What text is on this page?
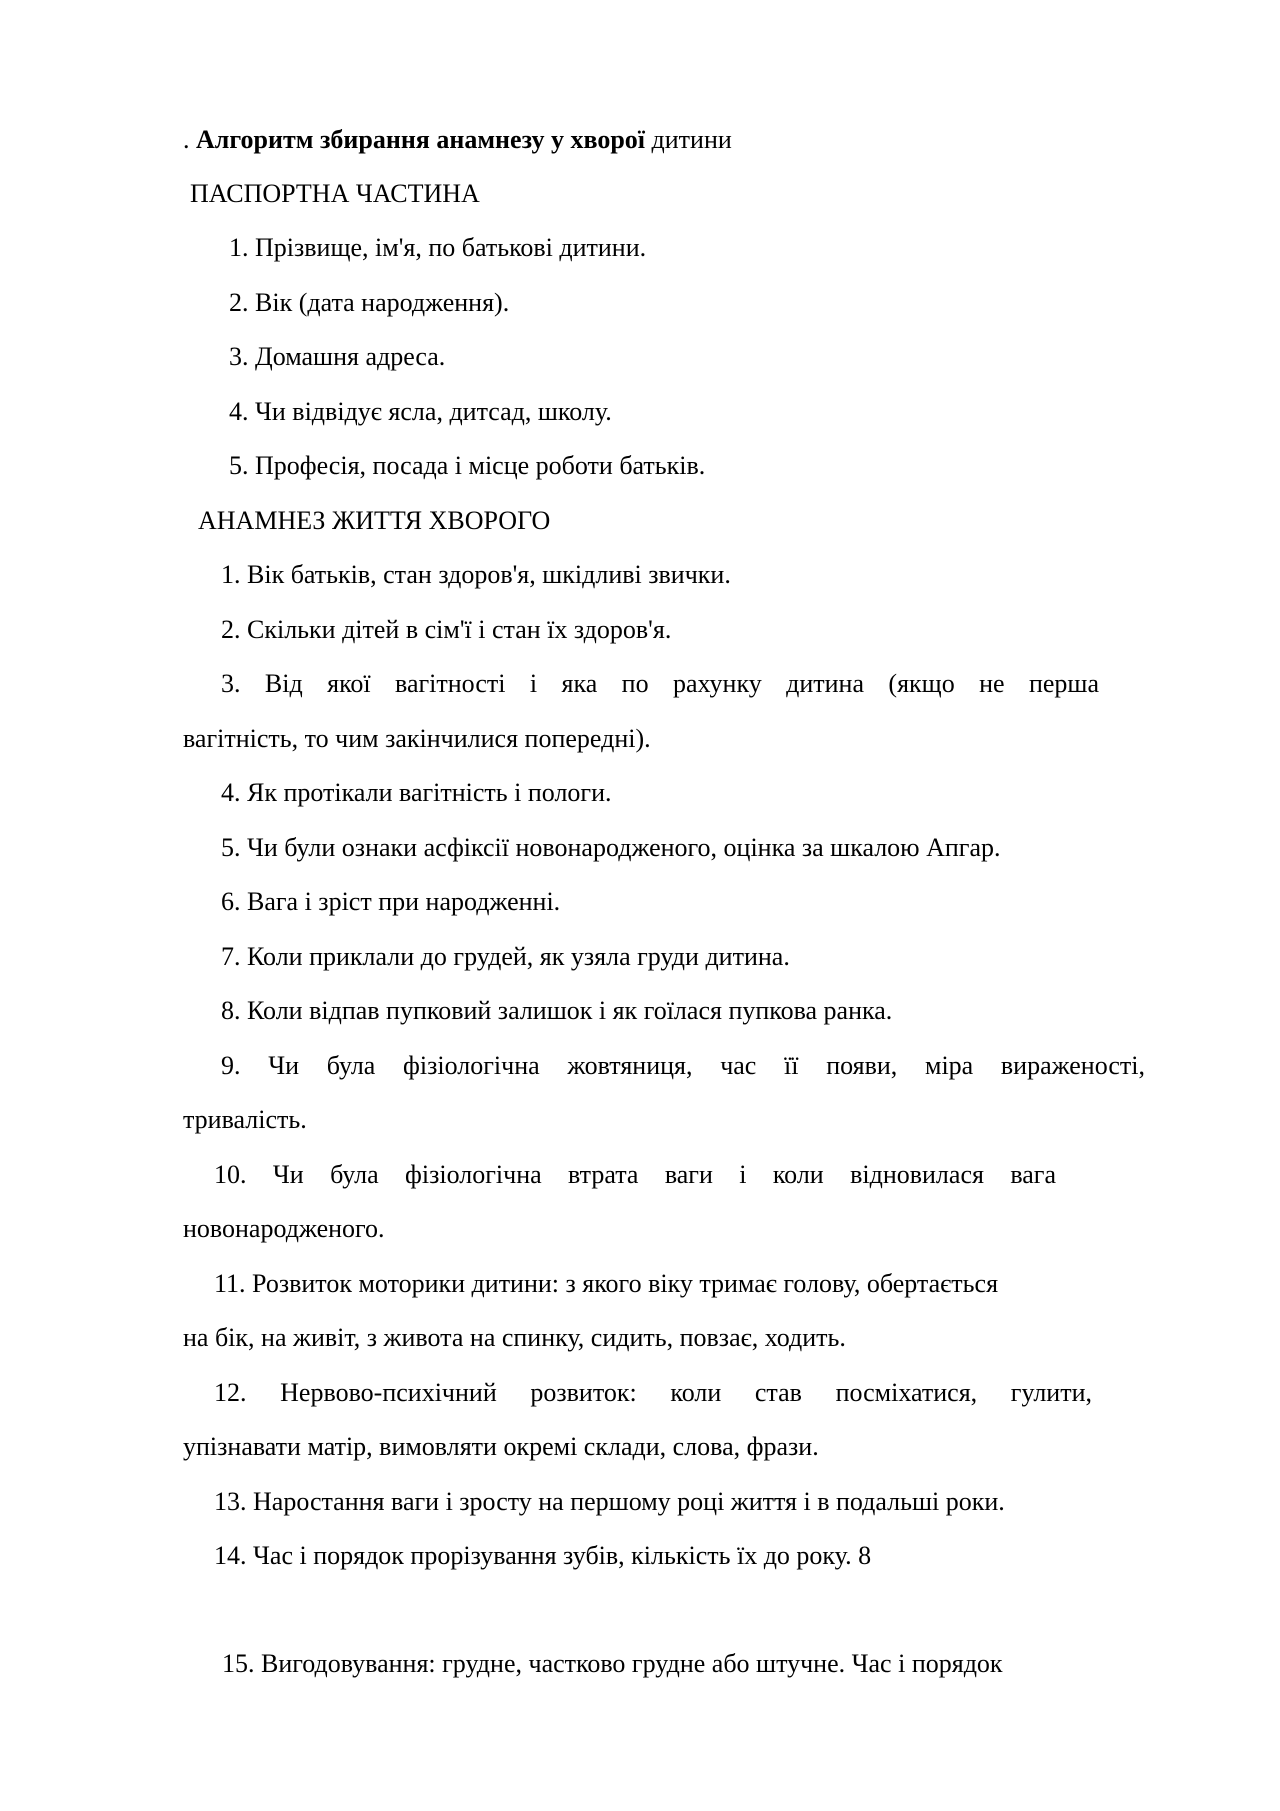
. Алгоритм збирання анамнезу у хворої дитини

ПАСПОРТНА ЧАСТИНА

1. Прізвище, ім'я, по батькові дитини.

2. Вік (дата народження).

3. Домашня адреса.

4. Чи відвідує ясла, дитсад, школу.

5. Професія, посада і місце роботи батьків.

АНАМНЕЗ ЖИТТЯ ХВОРОГО

1. Вік батьків, стан здоров'я, шкідливі звички.

2. Скільки дітей в сім'ї і стан їх здоров'я.

3. Від якої вагітності і яка по рахунку дитина (якщо не перша

вагітність, то чим закінчилися попередні).

4. Як протікали вагітність і пологи.

5. Чи були ознаки асфіксії новонародженого, оцінка за шкалою Апгар.

6. Вага і зріст при народженні.

7. Коли приклали до грудей, як узяла груди дитина.

8. Коли відпав пупковий залишок і як гоїлася пупкова ранка.

9. Чи була фізіологічна жовтяниця, час її появи, міра вираженості,

тривалість.

10. Чи була фізіологічна втрата ваги і коли відновилася вага

новонародженого.

11. Розвиток моторики дитини: з якого віку тримає голову, обертається

на бік, на живіт, з живота на спинку, сидить, повзає, ходить.

12. Нервово-психічний розвиток: коли став посміхатися, гулити,

упізнавати матір, вимовляти окремі склади, слова, фрази.

13. Наростання ваги і зросту на першому році життя і в подальші роки.

14. Час і порядок прорізування зубів, кількість їх до року. 8

15. Вигодовування: грудне, частково грудне або штучне. Час і порядок
